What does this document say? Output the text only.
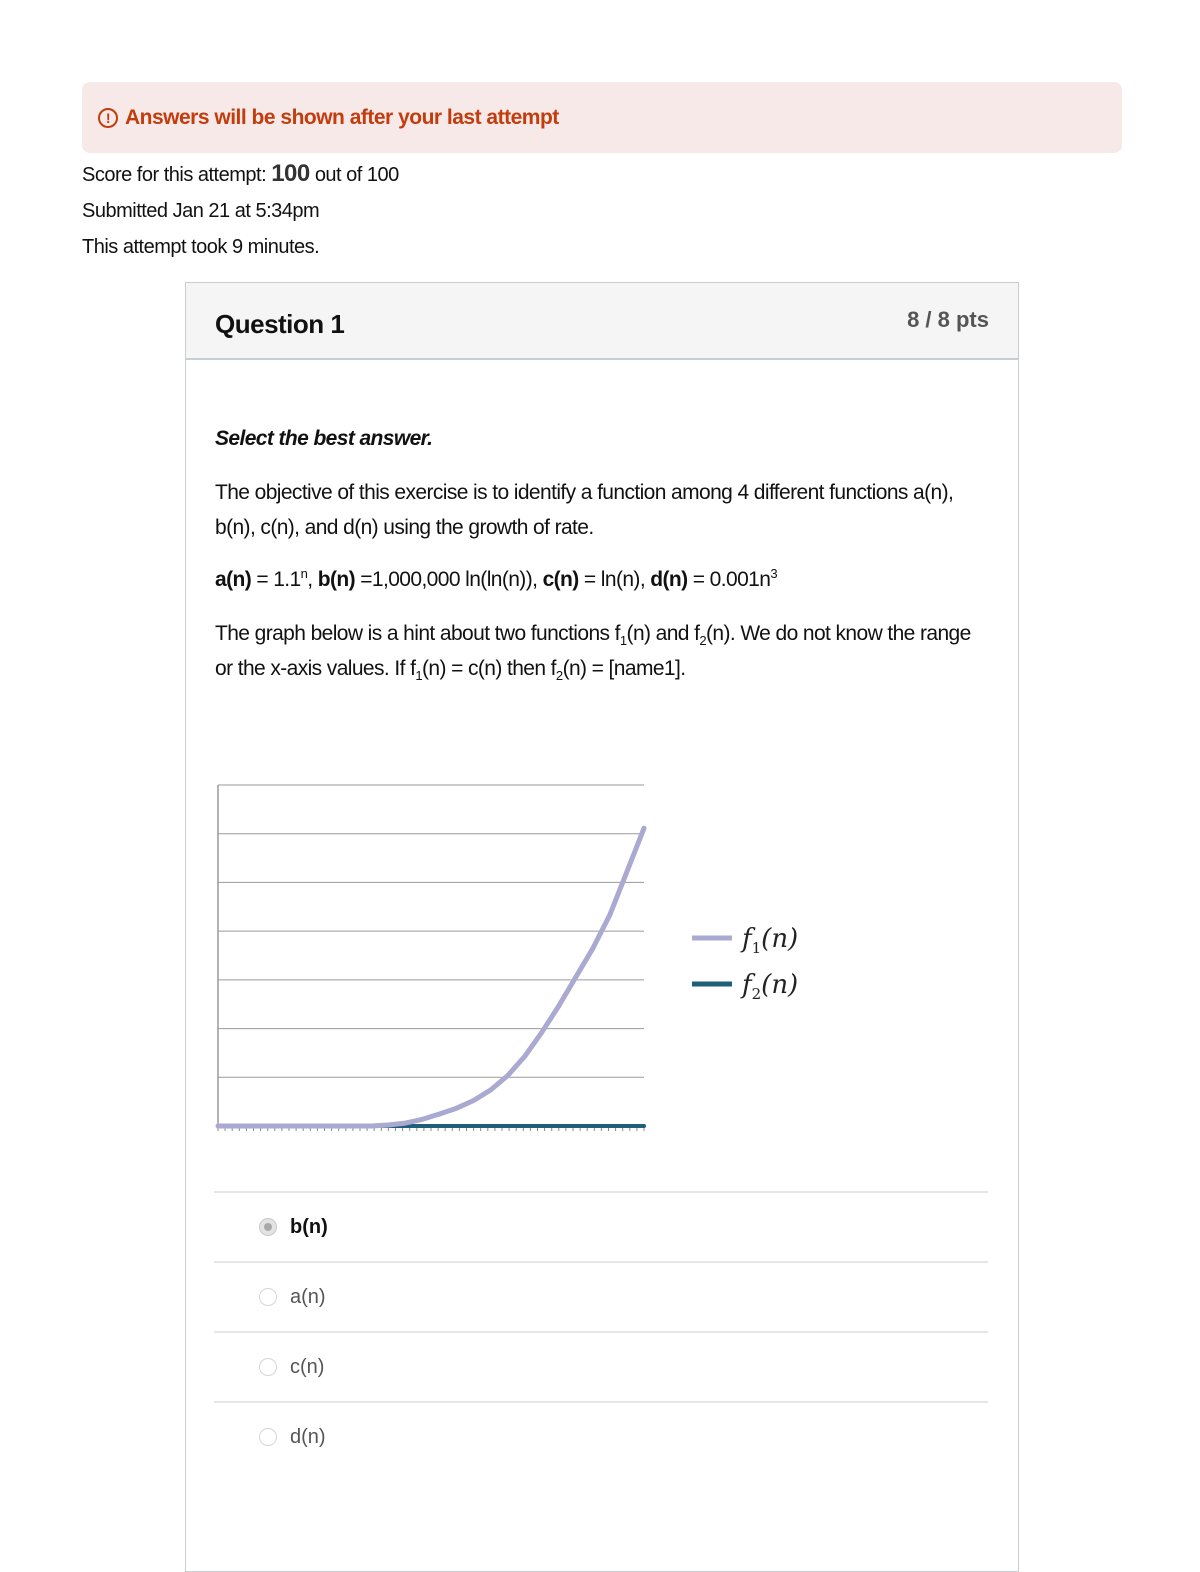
! Answers will be shown after your last attempt
Score for this attempt: 100 out of 100
Submitted Jan 21 at 5:34pm
This attempt took 9 minutes.
Question 1	8 / 8 pts
Select the best answer.
The objective of this exercise is to identify a function among 4 different functions a(n), b(n), c(n), and d(n) using the growth of rate.
$a(n) = 1.1^n$, b(n) =1,000,000 ln(ln(n)), c(n) = ln(n), $d(n) = 0.001n^3$
The graph below is a hint about two functions $f_1(n)$ and $f_2(n)$. We do not know the range or the x-axis values. If $f_1(n) = c(n)$ then $f_2(n)$ = [name1].
$f_1(n)$
$f_2(n)$
b(n)
a(n)
c(n)
d(n)
